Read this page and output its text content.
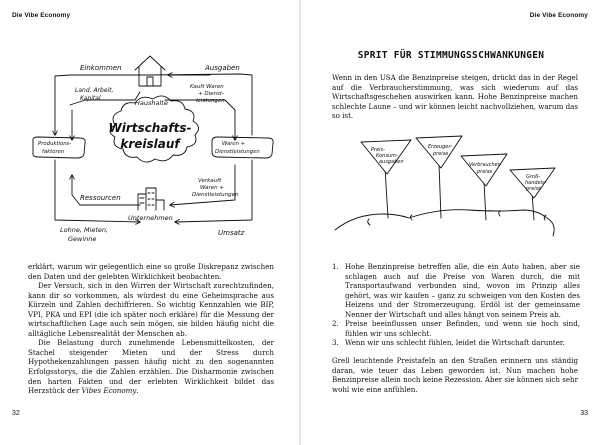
Die Vibe Economy
Einkommen	Ausgaben
Haushalte
Land, Arbeit,
Kapital
Kauft Waren
+ Dienst-
leistungen
Produktions-
faktoren
Waren +
Dienstleistungen
Verkauft
Waren +
Dienstleistungen
Ressourcen
Lohne, Mieten,
Gewinne
Unternehmen
Umsatz
Wirtschafts-
kreislauf

erklärt, warum wir gelegentlich eine so große Diskrepanz zwischen den Daten und der gelebten Wirklichkeit beobachten.

Der Versuch, sich in den Wirren der Wirtschaft zurechtzufinden, kann dir so vorkommen, als würdest du eine Geheimsprache aus Kürzeln und Zahlen dechiffrieren. So wichtig Kennzahlen wie BIP, VPI, PKA und EPI (die ich später noch erkläre) für die Messung der wirtschaftlichen Lage auch sein mögen, sie bilden häufig nicht die alltägliche Lebensrealität der Menschen ab.

Die Belastung durch zunehmende Lebensmittelkosten, der Stachel steigender Mieten und der Stress durch Hypothekenzahlungen passen häufig nicht zu den sogenannten Erfolgsstorys, die die Zahlen erzählen. Die Disharmonie zwischen den harten Fakten und der erlebten Wirklichkeit bildet das Herzstück der Vibes Economy.

32
Die Vibe Economy
SPRIT FÜR STIMMUNGSSCHWANKUNGEN
Wenn in den USA die Benzinpreise steigen, drückt das in der Regel auf die Verbraucherstimmung, was sich wiederum auf das Wirtschaftsgeschehen auswirken kann. Hohe Benzinpreise machen schlechte Laune – und wir können leicht nachvollziehen, warum das so ist.
Preis-
Konsum-
ausgaben
Erzeuger-
preise
Verbraucher-
preise
Groß-
handels-
preise
1. Hohe Benzinpreise betreffen alle, die ein Auto haben, aber sie schlagen auch auf die Preise von Waren durch, die mit Transportaufwand verbunden sind, wovon im Prinzip alles gehört, was wir kaufen – ganz zu schweigen von den Kosten des Heizens und der Stromerzeugung. Erdöl ist der gemeinsame Nenner der Wirtschaft und alles hängt von seinem Preis ab.
2. Preise beeinflussen unser Befinden, und wenn sie hoch sind, fühlen wir uns schlecht.
3. Wenn wir uns schlecht fühlen, leidet die Wirtschaft darunter.
Grell leuchtende Preistafeln an den Straßen erinnern uns ständig daran, wie teuer das Leben geworden ist. Nun machen hohe Benzinpreise allein noch keine Rezession. Aber sie können sich sehr wohl wie eine anfühlen.
33
